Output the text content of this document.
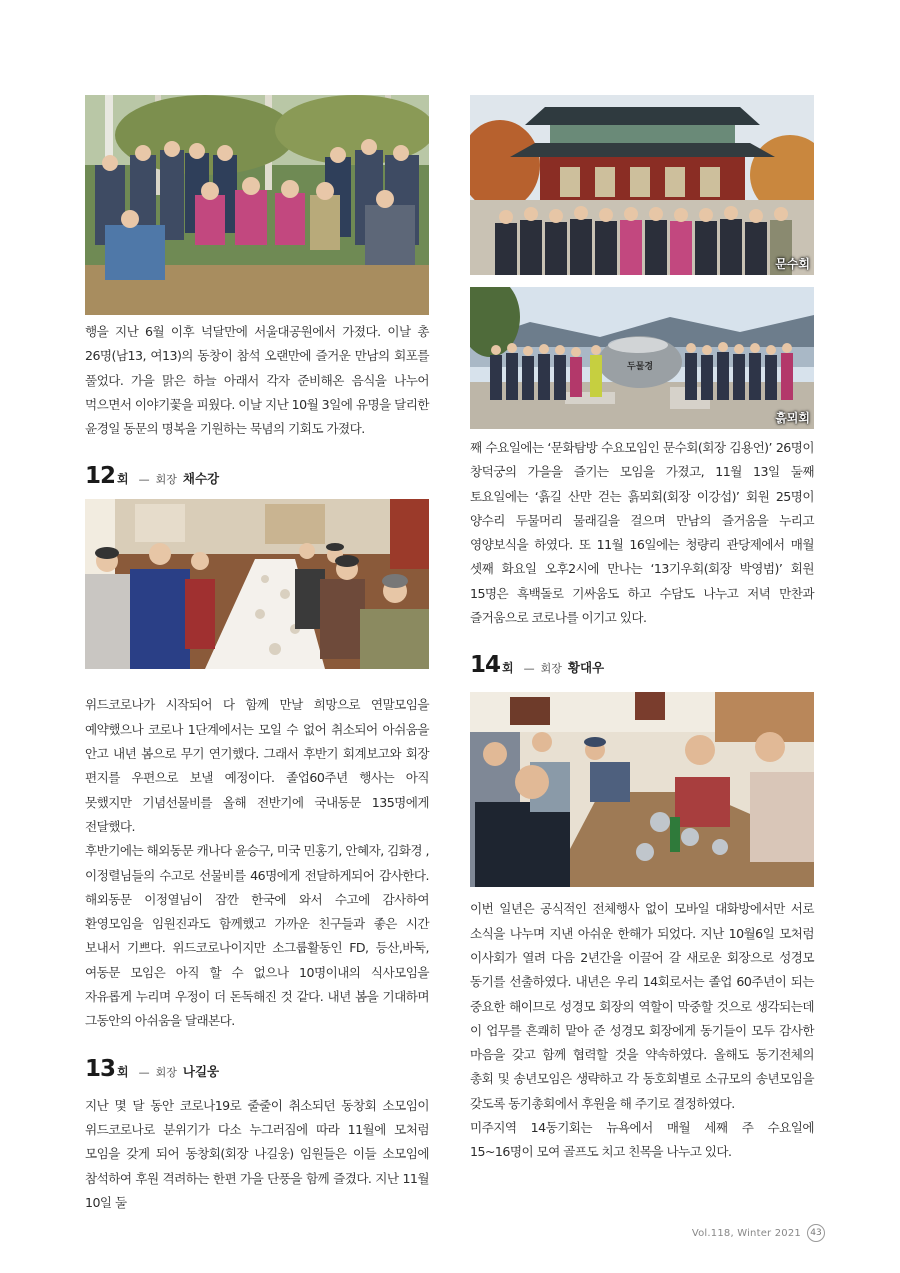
행을 지난 6월 이후 넉달만에 서울대공원에서 가졌다. 이날 총 26명(남13, 여13)의 동창이 참석 오랜만에 즐거운 만남의 회포를 풀었다. 가을 맑은 하늘 아래서 각자 준비해온 음식을 나누어 먹으면서 이야기꽃을 피웠다. 이날 지난 10월 3일에 유명을 달리한 윤경일 동문의 명복을 기원하는 묵념의 기회도 가졌다.

12 회 — 회장 채수강

위드코로나가 시작되어 다 함께 만날 희망으로 연말모임을 예약했으나 코로나 1단계에서는 모일 수 없어 취소되어 아쉬움을 안고 내년 봄으로 무기 연기했다. 그래서 후반기 회계보고와 회장 편지를 우편으로 보낼 예정이다. 졸업60주년 행사는 아직 못했지만 기념선물비를 올해 전반기에 국내동문 135명에게 전달했다.

후반기에는 해외동문 캐나다 윤승구, 미국 민홍기, 안혜자, 김화경 ,이정렬님들의 수고로 선물비를 46명에게 전달하게되어 감사한다. 해외동문 이정열님이 잠깐 한국에 와서 수고에 감사하여 환영모임을 임원진과도 함께했고 가까운 친구들과 좋은 시간 보내서 기쁘다. 위드코로나이지만 소그룹활동인 FD, 등산,바둑, 여동문 모임은 아직 할 수 없으나 10명이내의 식사모임을 자유롭게 누리며 우정이 더 돈독해진 것 같다. 내년 봄을 기대하며 그동안의 아쉬움을 달래본다.

13 회 — 회장 나길웅

지난 몇 달 동안 코로나19로 줄줄이 취소되던 동창회 소모임이 위드코로나로 분위기가 다소 누그러짐에 따라 11월에 모처럼 모임을 갖게 되어 동창회(회장 나길웅) 임원들은 이들 소모임에 참석하여 후원 격려하는 한편 가을 단풍을 함께 즐겼다. 지난 11월 10일 둘

문수회
두물경
흙뫼회

째 수요일에는 ‘문화탐방 수요모임인 문수회(회장 김용언)’ 26명이 창덕궁의 가을을 즐기는 모임을 가졌고, 11월 13일 둘째 토요일에는 ‘흙길 산만 걷는 흙뫼회(회장 이강섭)’ 회원 25명이 양수리 두물머리 물래길을 걸으며 만남의 즐거움을 누리고 영양보식을 하였다. 또 11월 16일에는 청량리 관당제에서 매월 셋째 화요일 오후2시에 만나는 ‘13기우회(회장 박영범)’ 회원 15명은 흑백돌로 기싸움도 하고 수담도 나누고 저녁 만찬과 즐거움으로 코로나를 이기고 있다.

14 회 — 회장 황대우

이번 일년은 공식적인 전체행사 없이 모바일 대화방에서만 서로 소식을 나누며 지낸 아쉬운 한해가 되었다. 지난 10월6일 모처럼 이사회가 열려 다음 2년간을 이끌어 갈 새로운 회장으로 성경모 동기를 선출하였다. 내년은 우리 14회로서는 졸업 60주년이 되는 중요한 해이므로 성경모 회장의 역할이 막중할 것으로 생각되는데 이 업무를 흔쾌히 맡아 준 성경모 회장에게 동기들이 모두 감사한 마음을 갖고 함께 협력할 것을 약속하였다. 올해도 동기전체의 총회 및 송년모임은 생략하고 각 동호회별로 소규모의 송년모임을 갖도록 동기총회에서 후원을 해 주기로 결정하였다.

미주지역 14동기회는 뉴욕에서 매월 세째 주 수요일에 15~16명이 모여 골프도 치고 친목을 나누고 있다.

Vol.118, Winter 2021	43
